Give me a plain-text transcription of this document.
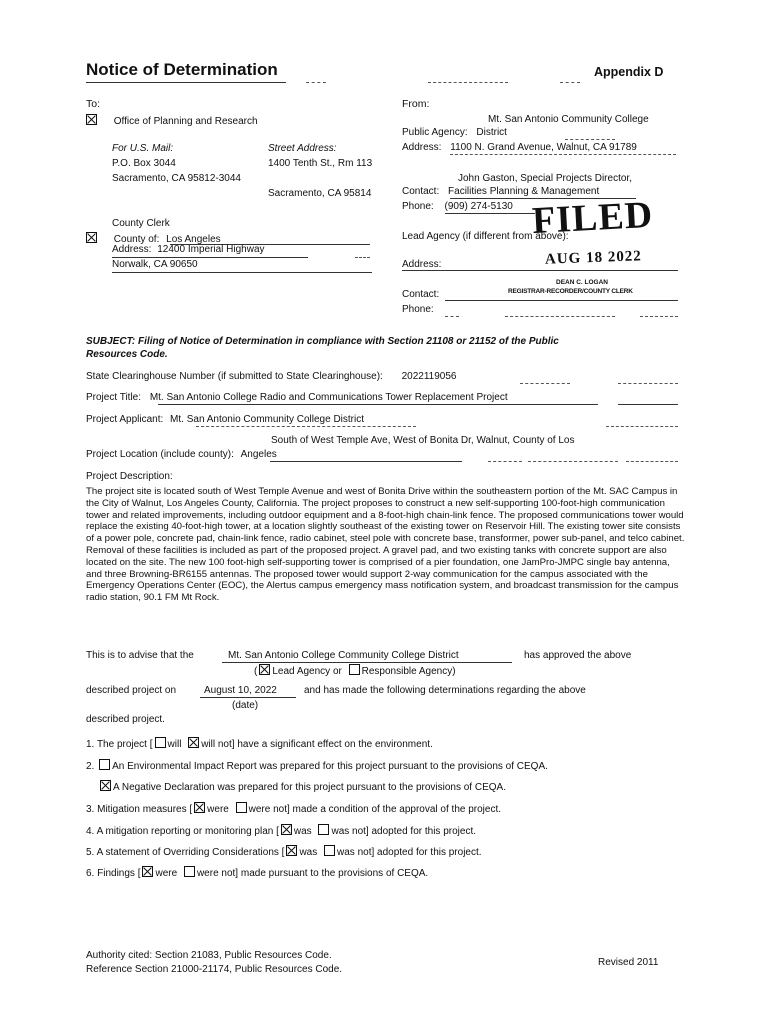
Notice of Determination	Appendix D
To:
Office of Planning and Research
For U.S. Mail:
P.O. Box 3044
Sacramento, CA 95812-3044
Street Address:
1400 Tenth St., Rm 113
Sacramento, CA 95814
County Clerk
County of: Los Angeles
Address: 12400 Imperial Highway
Norwalk, CA 90650
From:
Mt. San Antonio Community College
Public Agency: District
Address: 1100 N. Grand Avenue, Walnut, CA 91789
John Gaston, Special Projects Director,
Contact: Facilities Planning & Management
Phone: (909) 274-5130
Lead Agency (if different from above):
Address:
Contact:
Phone:
FILED
AUG 18 2022
DEAN C. LOGAN
REGISTRAR-RECORDER/COUNTY CLERK
SUBJECT: Filing of Notice of Determination in compliance with Section 21108 or 21152 of the Public
Resources Code.
State Clearinghouse Number (if submitted to State Clearinghouse): 2022119056
Project Title: Mt. San Antonio College Radio and Communications Tower Replacement Project
Project Applicant: Mt. San Antonio Community College District
South of West Temple Ave, West of Bonita Dr, Walnut, County of Los
Project Location (include county): Angeles
Project Description:
The project site is located south of West Temple Avenue and west of Bonita Drive within the southeastern portion of the Mt. SAC Campus in the City of Walnut, Los Angeles County, California. The project proposes to construct a new self-supporting 100-foot-high communication tower and related improvements, including outdoor equipment and a 8-foot-high chain-link fence. The proposed communications tower would replace the existing 40-foot-high tower, at a location slightly southeast of the existing tower on Reservoir Hill. The existing tower site consists of a power pole, concrete pad, chain-link fence, radio cabinet, steel pole with concrete base, transformer, power sub-panel, and telco cabinet. Removal of these facilities is included as part of the proposed project. A gravel pad, and two existing tanks with concrete support are also located on the site. The new 100 foot-high self-supporting tower is comprised of a pier foundation, one JamPro-JMPC single bay antenna, and three Browning-BR6155 antennas. The proposed tower would support 2-way communication for the campus associated with the Emergency Operations Center (EOC), the Alertus campus emergency mass notification system, and broadcast transmission for the campus radio station, 90.1 FM Mt Rock.
This is to advise that the	Mt. San Antonio College Community College District	has approved the above
( Lead Agency or Responsible Agency)
described project on	August 10, 2022	and has made the following determinations regarding the above
(date)
described project.
1. The project [ will will not] have a significant effect on the environment.
2. An Environmental Impact Report was prepared for this project pursuant to the provisions of CEQA.
A Negative Declaration was prepared for this project pursuant to the provisions of CEQA.
3. Mitigation measures [ were were not] made a condition of the approval of the project.
4. A mitigation reporting or monitoring plan [ was was not] adopted for this project.
5. A statement of Overriding Considerations [ was was not] adopted for this project.
6. Findings [ were were not] made pursuant to the provisions of CEQA.
Authority cited: Section 21083, Public Resources Code.
Reference Section 21000-21174, Public Resources Code.
Revised 2011
